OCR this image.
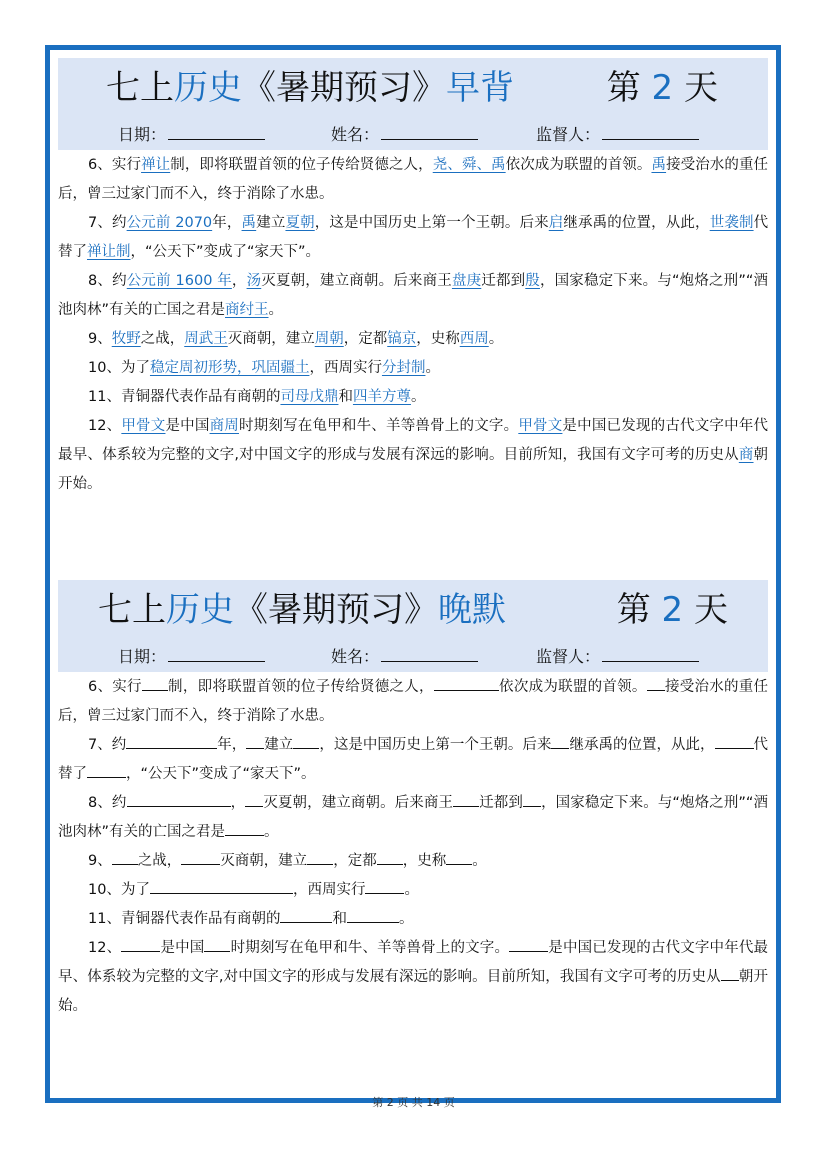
七上历史《暑期预习》早背	第 2 天
日期：	姓名：	监督人：

6、实行禅让制，即将联盟首领的位子传给贤德之人，尧、舜、禹依次成为联盟的首领。禹接受治水的重任后，曾三过家门而不入，终于消除了水患。

7、约公元前 2070年，禹建立夏朝，这是中国历史上第一个王朝。后来启继承禹的位置，从此，世袭制代替了禅让制，“公天下”变成了“家天下”。

8、约公元前 1600 年，汤灭夏朝，建立商朝。后来商王盘庚迁都到殷，国家稳定下来。与“炮烙之刑”“酒池肉林”有关的亡国之君是商纣王。

9、牧野之战，周武王灭商朝，建立周朝，定都镐京，史称西周。

10、为了稳定周初形势，巩固疆土，西周实行分封制。

11、青铜器代表作品有商朝的司母戊鼎和四羊方尊。

12、甲骨文是中国商周时期刻写在龟甲和牛、羊等兽骨上的文字。甲骨文是中国已发现的古代文字中年代最早、体系较为完整的文字,对中国文字的形成与发展有深远的影响。目前所知，我国有文字可考的历史从商朝开始。

七上历史《暑期预习》晚默	第 2 天
日期：	姓名：	监督人：

6、实行 制，即将联盟首领的位子传给贤德之人，	依次成为联盟的首领。 接受治水的重任后，曾三过家门而不入，终于消除了水患。

7、约	年， 建立 ，这是中国历史上第一个王朝。后来 继承禹的位置，从此，	代替了	，“公天下”变成了“家天下”。

8、约	， 灭夏朝，建立商朝。后来商王 迁都到 ，国家稳定下来。与“炮烙之刑”“酒池肉林”有关的亡国之君是	。

9、 之战，	灭商朝，建立 ，定都 ，史称 。

10、为了	，西周实行	。

11、青铜器代表作品有商朝的	和	。

12、	是中国 时期刻写在龟甲和牛、羊等兽骨上的文字。	是中国已发现的古代文字中年代最早、体系较为完整的文字,对中国文字的形成与发展有深远的影响。目前所知，我国有文字可考的历史从 朝开始。

第 2 页 共 14 页
